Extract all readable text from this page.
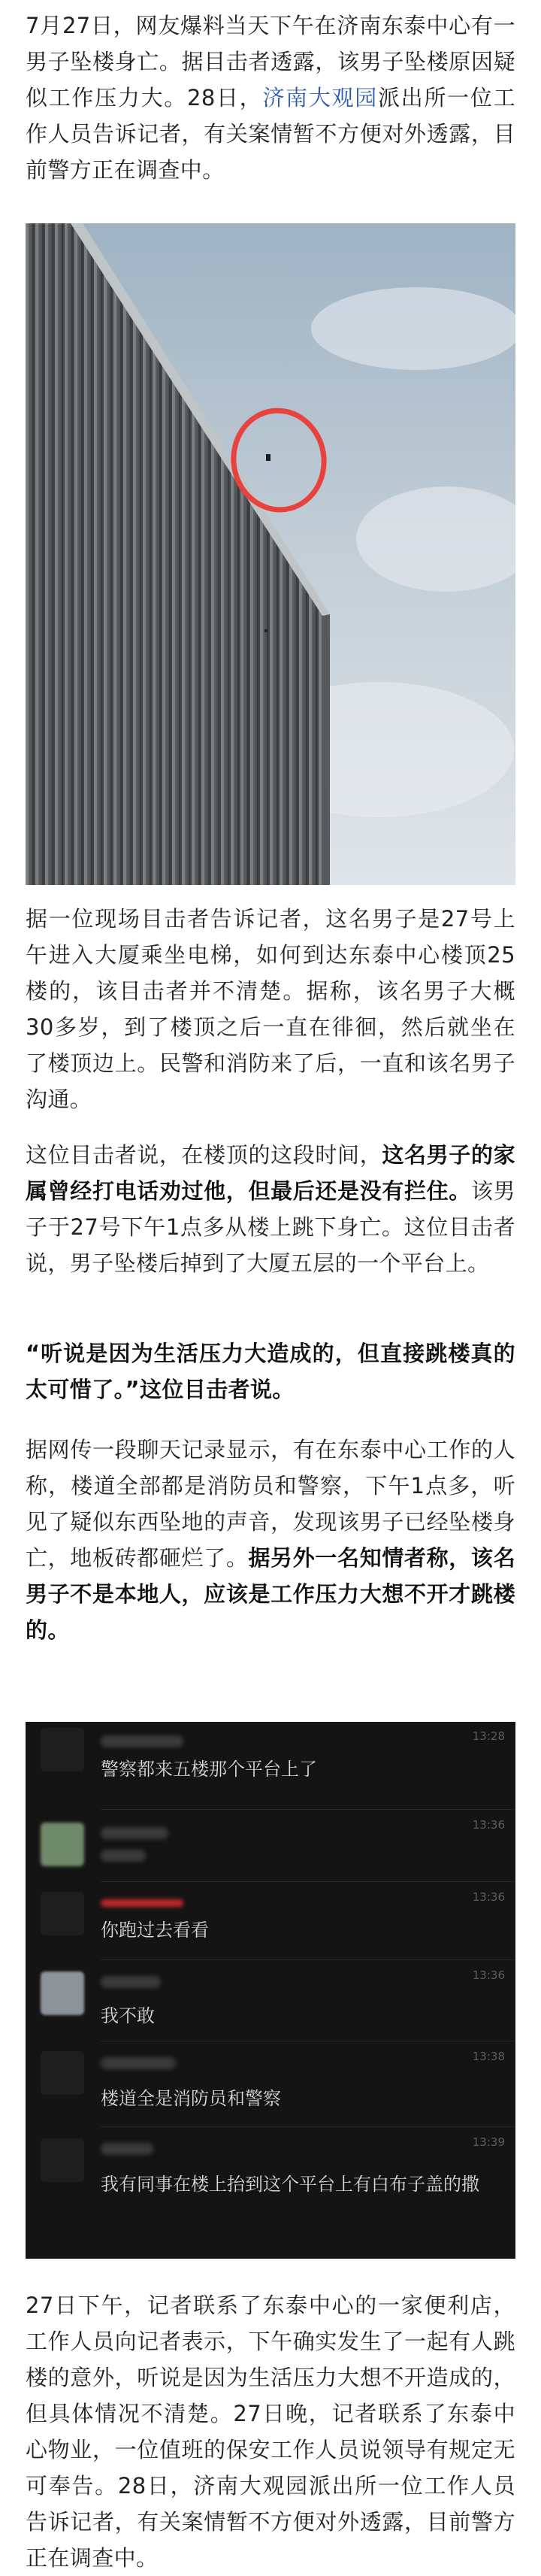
7月27日，网友爆料当天下午在济南东泰中心有一男子坠楼身亡。据目击者透露，该男子坠楼原因疑似工作压力大。28日，济南大观园派出所一位工作人员告诉记者，有关案情暂不方便对外透露，目前警方正在调查中。

据一位现场目击者告诉记者，这名男子是27号上午进入大厦乘坐电梯，如何到达东泰中心楼顶25楼的，该目击者并不清楚。据称，该名男子大概30多岁，到了楼顶之后一直在徘徊，然后就坐在了楼顶边上。民警和消防来了后，一直和该名男子沟通。

这位目击者说，在楼顶的这段时间，这名男子的家属曾经打电话劝过他，但最后还是没有拦住。该男子于27号下午1点多从楼上跳下身亡。这位目击者说，男子坠楼后掉到了大厦五层的一个平台上。

“听说是因为生活压力大造成的，但直接跳楼真的太可惜了。”这位目击者说。

据网传一段聊天记录显示，有在东泰中心工作的人称，楼道全部都是消防员和警察，下午1点多，听见了疑似东西坠地的声音，发现该男子已经坠楼身亡，地板砖都砸烂了。据另外一名知情者称，该名男子不是本地人，应该是工作压力大想不开才跳楼的。

13:28
警察都来五楼那个平台上了
13:36
13:36
你跑过去看看
13:36
我不敢
13:38
楼道全是消防员和警察
13:39
我有同事在楼上抬到这个平台上有白布子盖的撒

27日下午，记者联系了东泰中心的一家便利店，工作人员向记者表示，下午确实发生了一起有人跳楼的意外，听说是因为生活压力大想不开造成的，但具体情况不清楚。27日晚，记者联系了东泰中心物业，一位值班的保安工作人员说领导有规定无可奉告。28日，济南大观园派出所一位工作人员告诉记者，有关案情暂不方便对外透露，目前警方正在调查中。
